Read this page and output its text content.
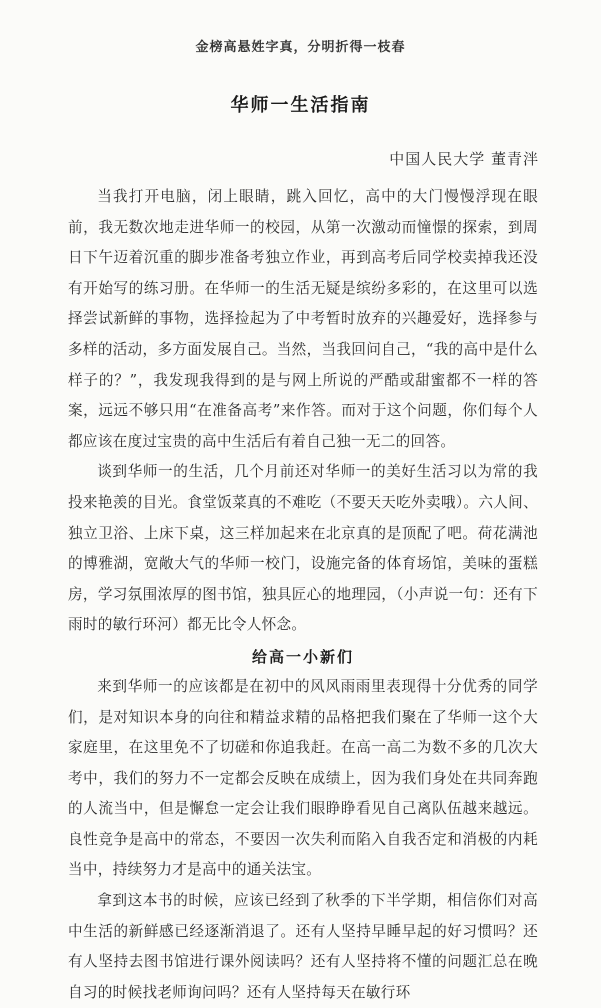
金榜高悬姓字真，分明折得一枝春
华师一生活指南
中国人民大学 董青泮

当我打开电脑，闭上眼睛，跳入回忆，高中的大门慢慢浮现在眼前，我无数次地走进华师一的校园，从第一次激动而憧憬的探索，到周日下午迈着沉重的脚步准备考独立作业，再到高考后同学校卖掉我还没有开始写的练习册。在华师一的生活无疑是缤纷多彩的，在这里可以选择尝试新鲜的事物，选择捡起为了中考暂时放弃的兴趣爱好，选择参与多样的活动，多方面发展自己。当然，当我回问自己，“我的高中是什么样子的？”，我发现我得到的是与网上所说的严酷或甜蜜都不一样的答案，远远不够只用“在准备高考”来作答。而对于这个问题，你们每个人都应该在度过宝贵的高中生活后有着自己独一无二的回答。

谈到华师一的生活，几个月前还对华师一的美好生活习以为常的我投来艳羡的目光。食堂饭菜真的不难吃（不要天天吃外卖哦）。六人间、独立卫浴、上床下桌，这三样加起来在北京真的是顶配了吧。荷花满池的博雅湖，宽敞大气的华师一校门，设施完备的体育场馆，美味的蛋糕房，学习氛围浓厚的图书馆，独具匠心的地理园，（小声说一句：还有下雨时的敏行环河）都无比令人怀念。

给高一小新们

来到华师一的应该都是在初中的风风雨雨里表现得十分优秀的同学们，是对知识本身的向往和精益求精的品格把我们聚在了华师一这个大家庭里，在这里免不了切磋和你追我赶。在高一高二为数不多的几次大考中，我们的努力不一定都会反映在成绩上，因为我们身处在共同奔跑的人流当中，但是懈怠一定会让我们眼睁睁看见自己离队伍越来越远。良性竞争是高中的常态，不要因一次失利而陷入自我否定和消极的内耗当中，持续努力才是高中的通关法宝。

拿到这本书的时候，应该已经到了秋季的下半学期，相信你们对高中生活的新鲜感已经逐渐消退了。还有人坚持早睡早起的好习惯吗？还有人坚持去图书馆进行课外阅读吗？还有人坚持将不懂的问题汇总在晚自习的时候找老师询问吗？还有人坚持每天在敏行环
